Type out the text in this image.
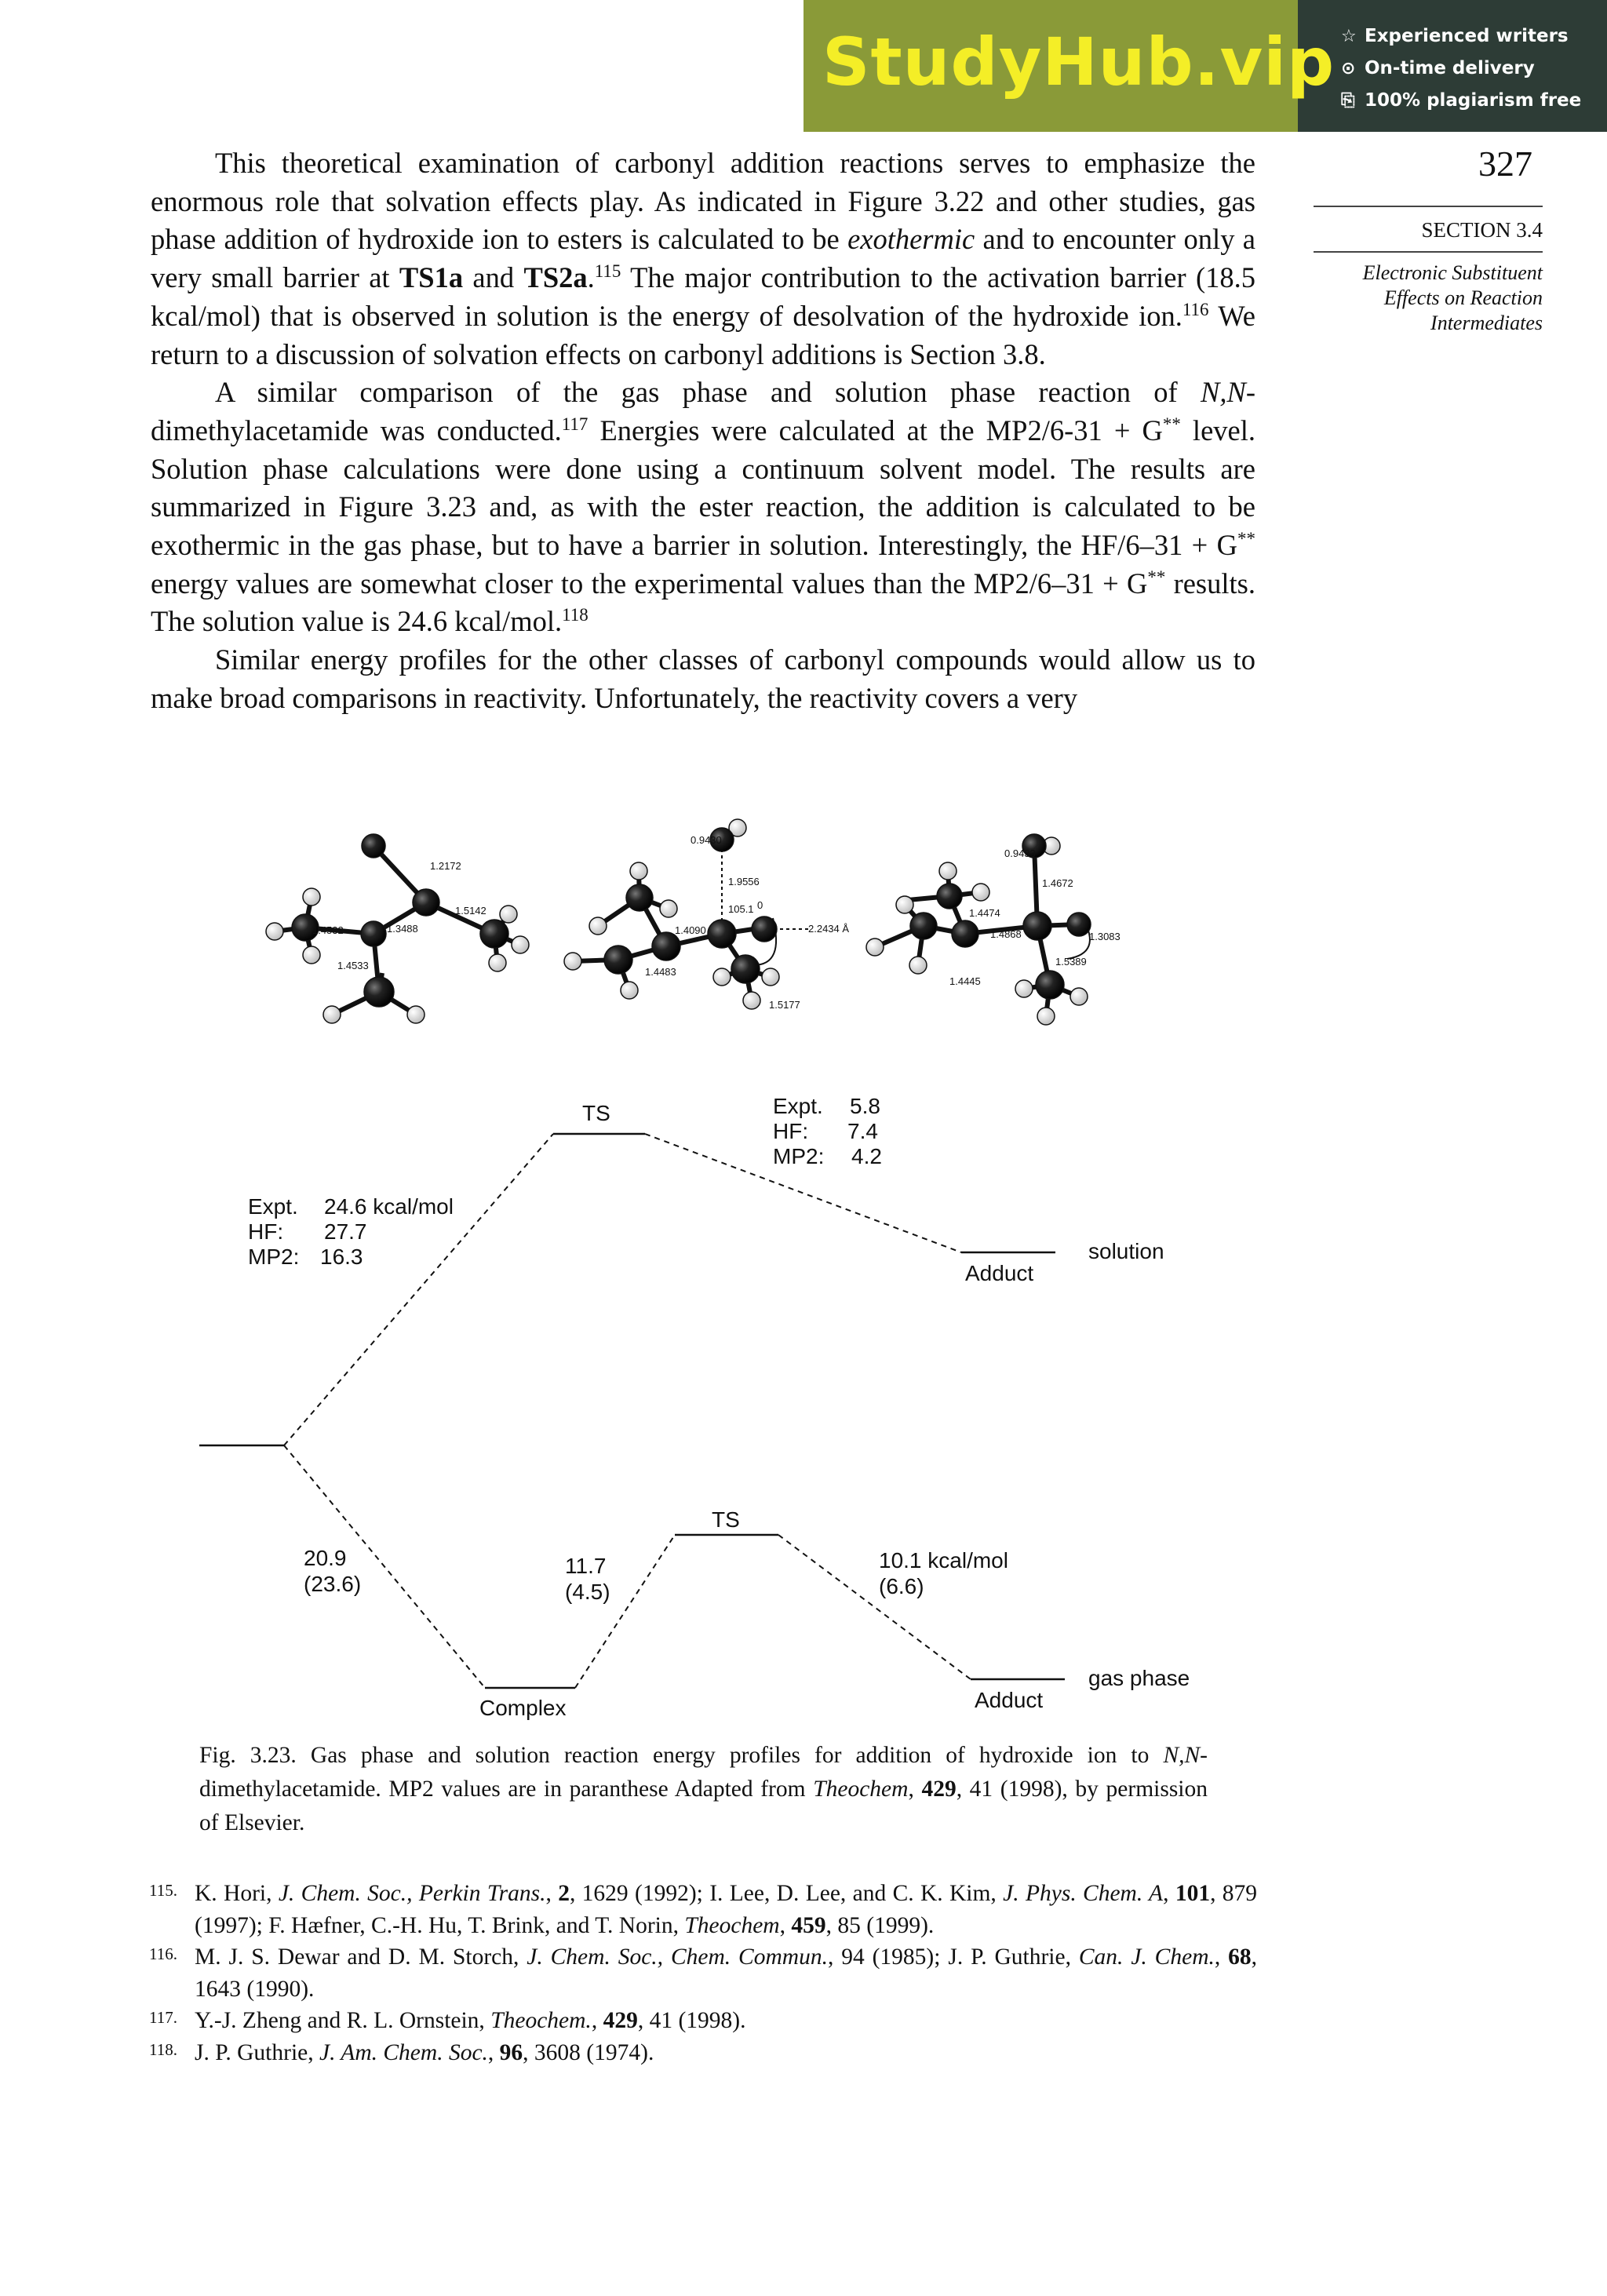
StudyHub.vip ☆ Experienced writers
⊙ On-time delivery
⎘ 100% plagiarism free
327
SECTION 3.4
Electronic Substituent
Effects on Reaction
Intermediates

This theoretical examination of carbonyl addition reactions serves to emphasize the enormous role that solvation effects play. As indicated in Figure 3.22 and other studies, gas phase addition of hydroxide ion to esters is calculated to be exothermic and to encounter only a very small barrier at TS1a and TS2a.$^{115}$ The major contribution to the activation barrier (18.5 kcal/mol) that is observed in solution is the energy of desolvation of the hydroxide ion.$^{116}$ We return to a discussion of solvation effects on carbonyl additions is Section 3.8.

A similar comparison of the gas phase and solution phase reaction of N,N-dimethylacetamide was conducted.$^{117}$ Energies were calculated at the MP2/6-31 + G** level. Solution phase calculations were done using a continuum solvent model. The results are summarized in Figure 3.23 and, as with the ester reaction, the addition is calculated to be exothermic in the gas phase, but to have a barrier in solution. Interestingly, the HF/6–31 + G** energy values are somewhat closer to the experimental values than the MP2/6–31 + G** results. The solution value is 24.6 kcal/mol.$^{118}$

Similar energy profiles for the other classes of carbonyl compounds would allow us to make broad comparisons in reactivity. Unfortunately, the reactivity covers a very

1.2172
1.5142
1.4532	1.3488
1.4533
0.9430
1.9556
105.1 0
1.4090
1.4483
2.2434 Å
1.5177
0.9433
1.4474
1.4672
1.4868	1.3083
1.4445
1.5389
TS
Expt. 24.6 kcal/mol
HF: 27.7
MP2: 16.3
Expt. 5.8
HF: 7.4
MP2: 4.2
Adduct
solution
20.9
(23.6)
11.7
(4.5)
10.1 kcal/mol
(6.6)
TS
Complex	Adduct
gas phase
Fig. 3.23. Gas phase and solution reaction energy profiles for addition of hydroxide ion to N,N-dimethylacetamide. MP2 values are in paranthese Adapted from Theochem, 429, 41 (1998), by permission of Elsevier.
115. K. Hori, J. Chem. Soc., Perkin Trans., 2, 1629 (1992); I. Lee, D. Lee, and C. K. Kim, J. Phys. Chem. A, 101, 879 (1997); F. Hæfner, C.-H. Hu, T. Brink, and T. Norin, Theochem, 459, 85 (1999).
116. M. J. S. Dewar and D. M. Storch, J. Chem. Soc., Chem. Commun., 94 (1985); J. P. Guthrie, Can. J. Chem., 68, 1643 (1990).
117. Y.-J. Zheng and R. L. Ornstein, Theochem., 429, 41 (1998).
118. J. P. Guthrie, J. Am. Chem. Soc., 96, 3608 (1974).
